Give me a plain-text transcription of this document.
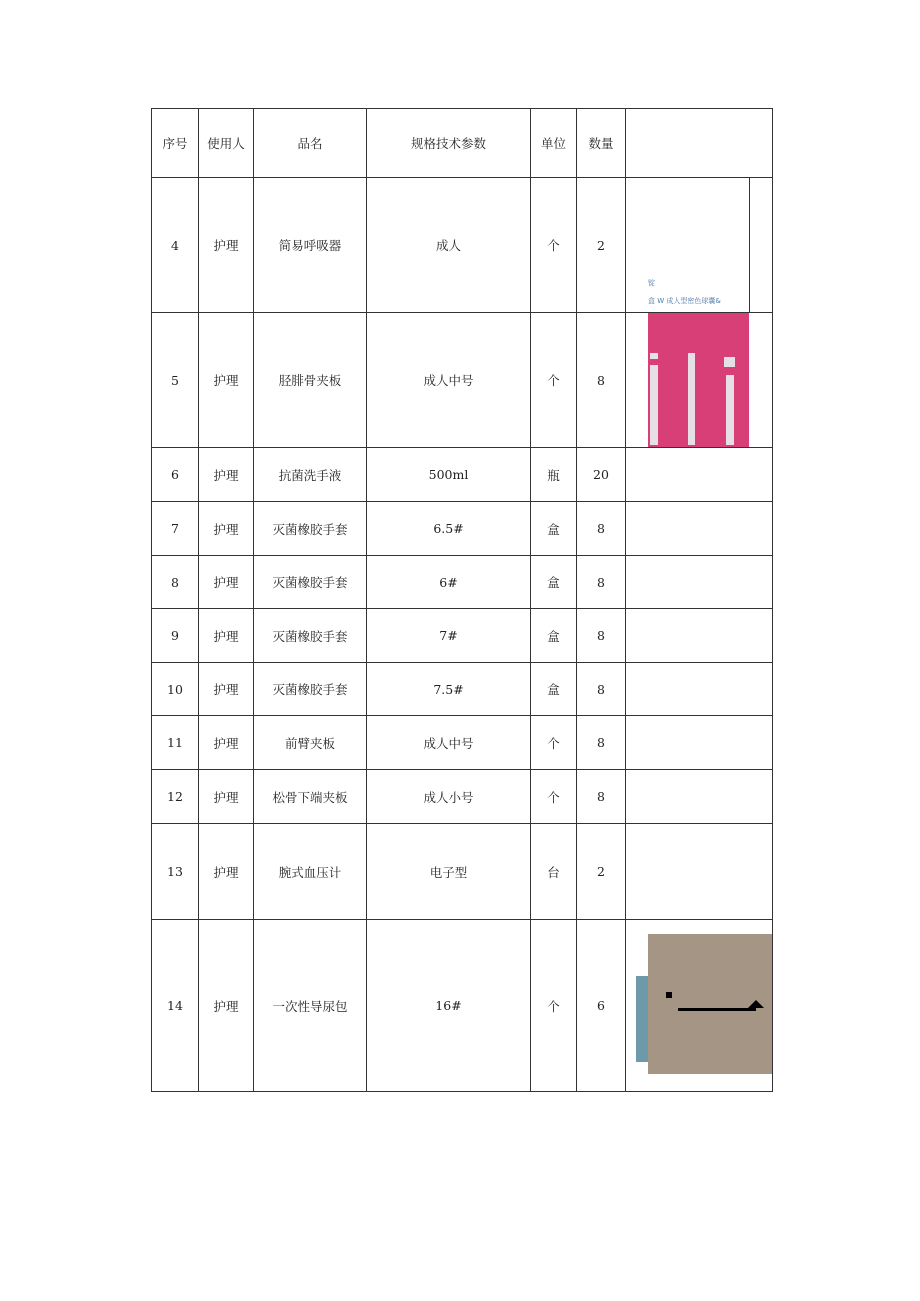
序号	使用人	品名	规格技术参数	单位	数量	
4	护理	简易呼吸器	成人	个	2	锭
盒 W 成人型密色球囊&

5	护理	胫腓骨夹板	成人中号	个	8	

6	护理	抗菌洗手液	500ml	瓶	20	
7	护理	灭菌橡胶手套	6.5#	盒	8	
8	护理	灭菌橡胶手套	6#	盒	8	
9	护理	灭菌橡胶手套	7#	盒	8	
10	护理	灭菌橡胶手套	7.5#	盒	8	
11	护理	前臂夹板	成人中号	个	8	
12	护理	松骨下端夹板	成人小号	个	8	
13	护理	腕式血压计	电子型	台	2	
14	护理	一次性导尿包	16#	个	6	
